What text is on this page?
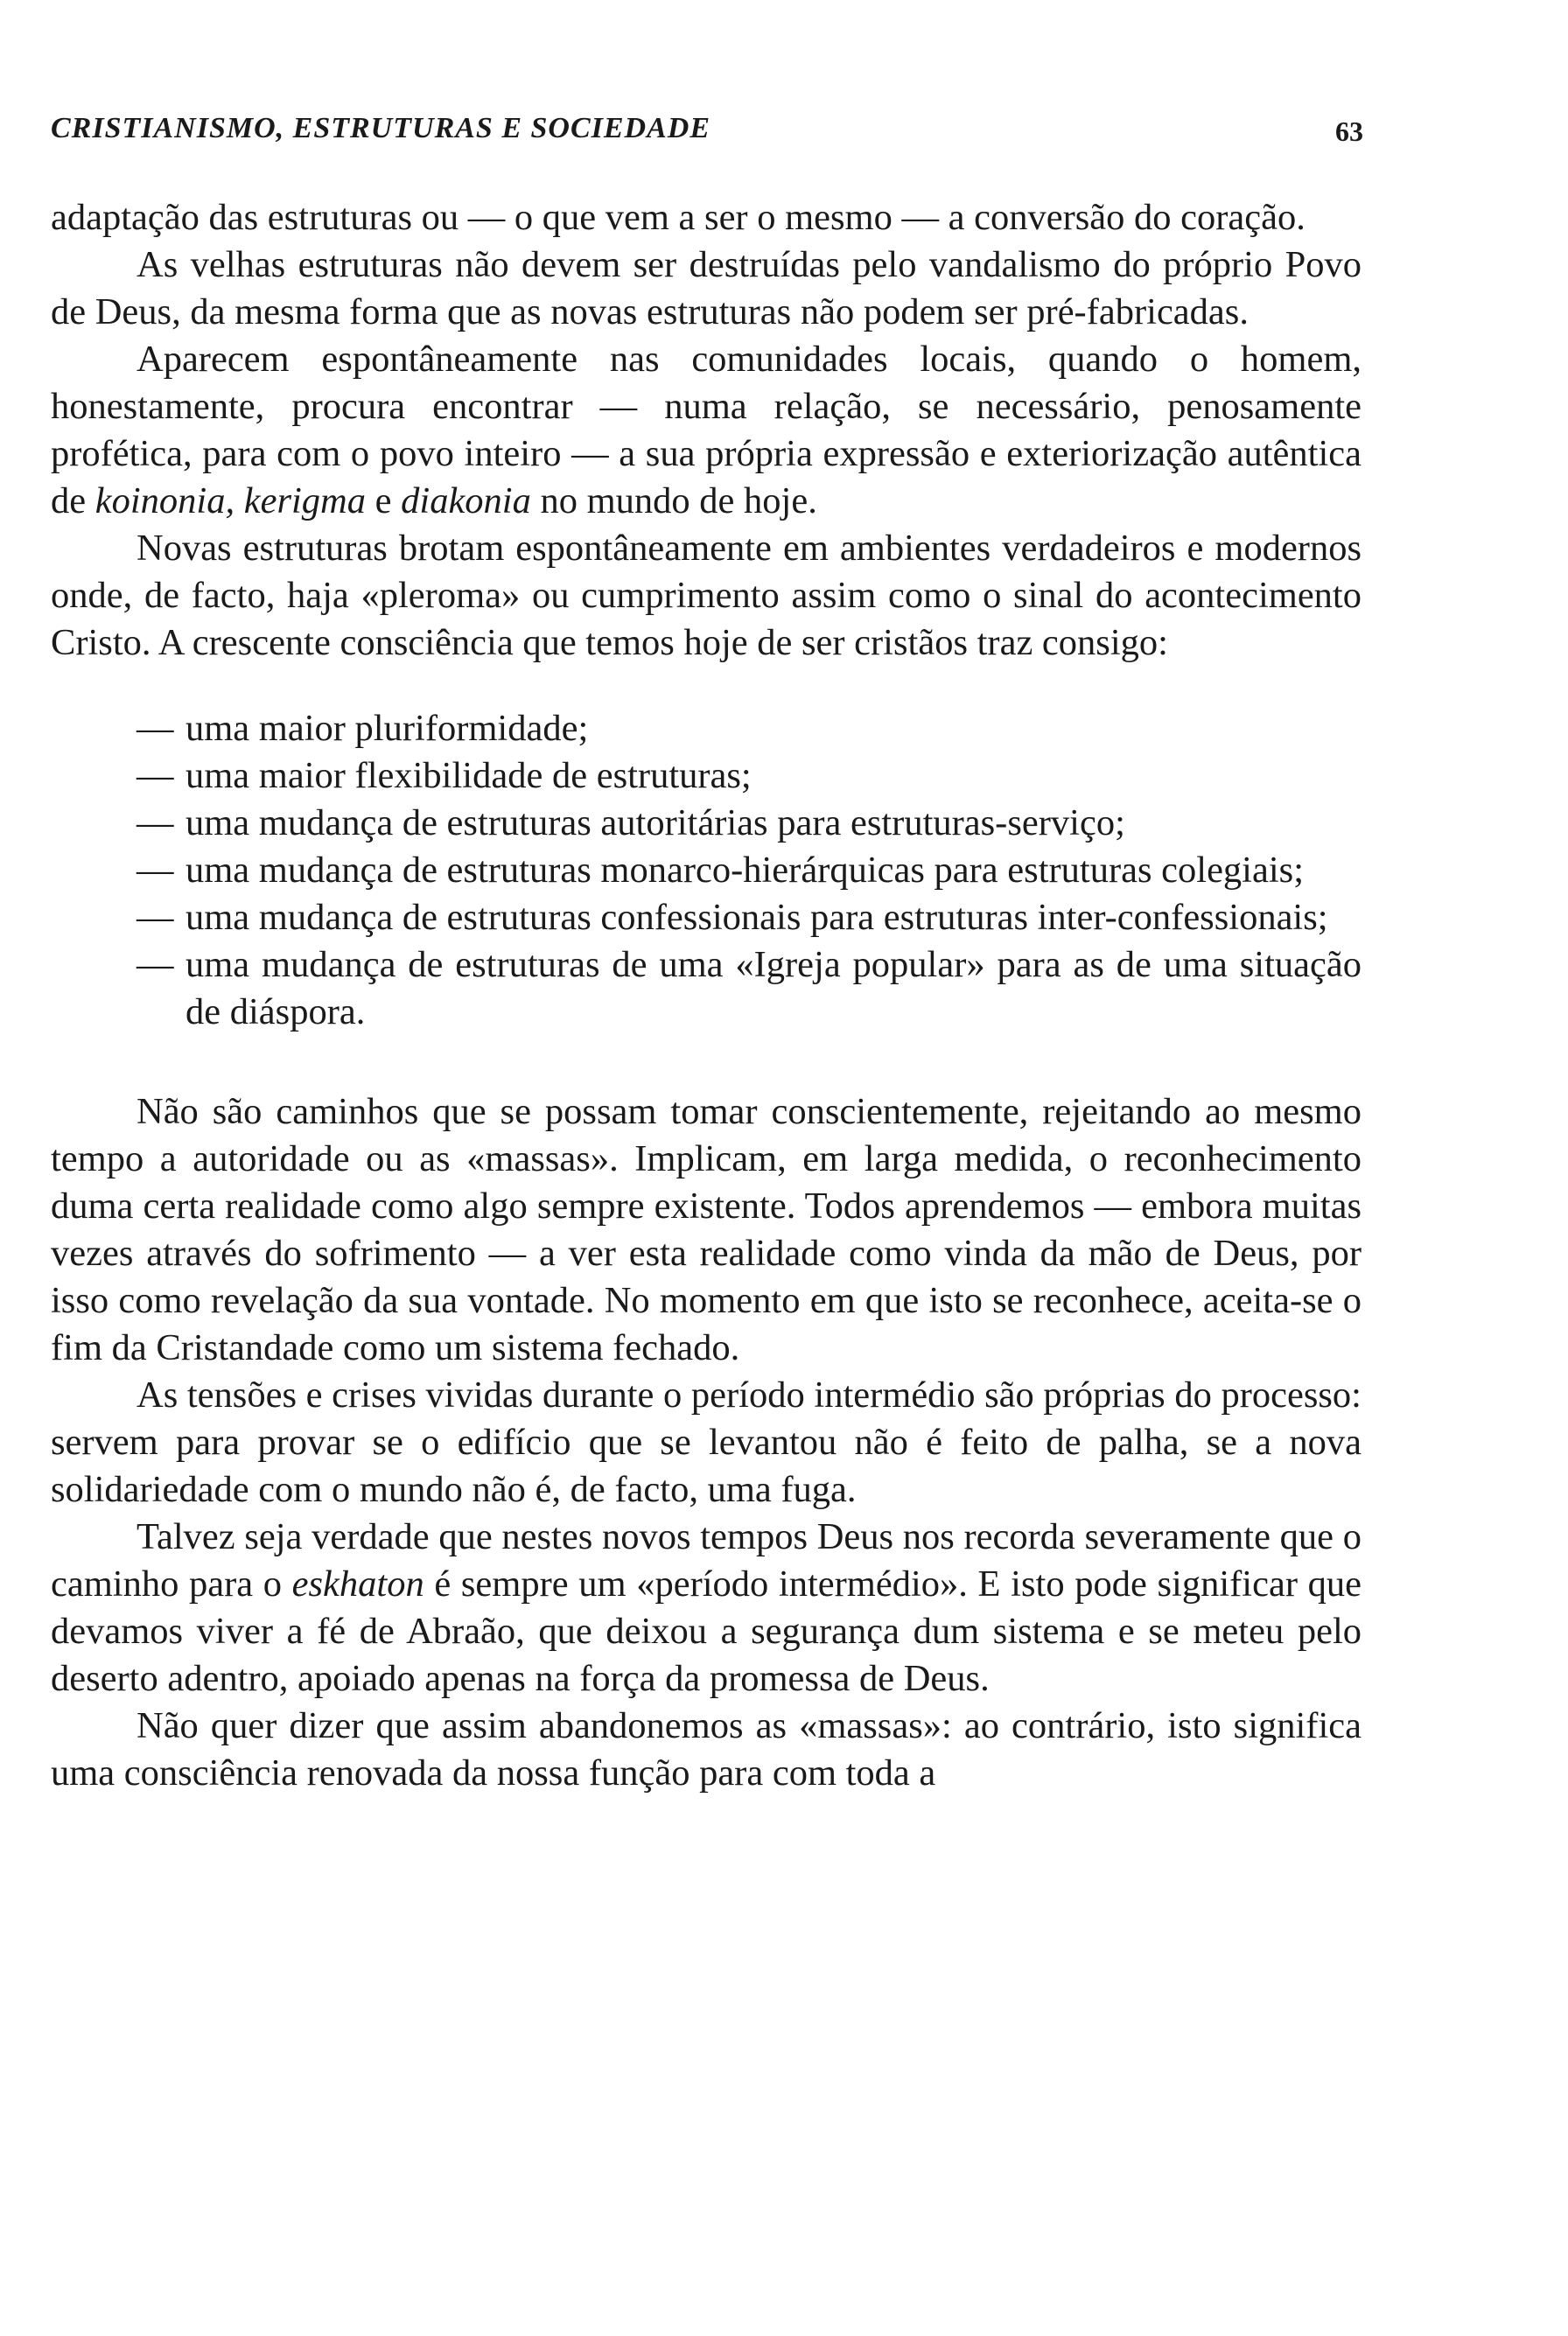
CRISTIANISMO, ESTRUTURAS E SOCIEDADE	63

adaptação das estruturas ou — o que vem a ser o mesmo — a conversão do coração.

As velhas estruturas não devem ser destruídas pelo vandalismo do próprio Povo de Deus, da mesma forma que as novas estruturas não podem ser pré-fabricadas.

Aparecem espontâneamente nas comunidades locais, quando o homem, honestamente, procura encontrar — numa relação, se necessário, penosamente profética, para com o povo inteiro — a sua própria expressão e exteriorização autêntica de koinonia, kerigma e diakonia no mundo de hoje.

Novas estruturas brotam espontâneamente em ambientes verdadeiros e modernos onde, de facto, haja «pleroma» ou cumprimento assim como o sinal do acontecimento Cristo. A crescente consciência que temos hoje de ser cristãos traz consigo:

— uma maior pluriformidade;
— uma maior flexibilidade de estruturas;
— uma mudança de estruturas autoritárias para estruturas-serviço;
— uma mudança de estruturas monarco-hierárquicas para estruturas colegiais;
— uma mudança de estruturas confessionais para estruturas inter-confessionais;
— uma mudança de estruturas de uma «Igreja popular» para as de uma situação de diáspora.

Não são caminhos que se possam tomar conscientemente, rejeitando ao mesmo tempo a autoridade ou as «massas». Implicam, em larga medida, o reconhecimento duma certa realidade como algo sempre existente. Todos aprendemos — embora muitas vezes através do sofrimento — a ver esta realidade como vinda da mão de Deus, por isso como revelação da sua vontade. No momento em que isto se reconhece, aceita-se o fim da Cristandade como um sistema fechado.

As tensões e crises vividas durante o período intermédio são próprias do processo: servem para provar se o edifício que se levantou não é feito de palha, se a nova solidariedade com o mundo não é, de facto, uma fuga.

Talvez seja verdade que nestes novos tempos Deus nos recorda severamente que o caminho para o eskhaton é sempre um «período intermédio». E isto pode significar que devamos viver a fé de Abraão, que deixou a segurança dum sistema e se meteu pelo deserto adentro, apoiado apenas na força da promessa de Deus.

Não quer dizer que assim abandonemos as «massas»: ao contrário, isto significa uma consciência renovada da nossa função para com toda a
